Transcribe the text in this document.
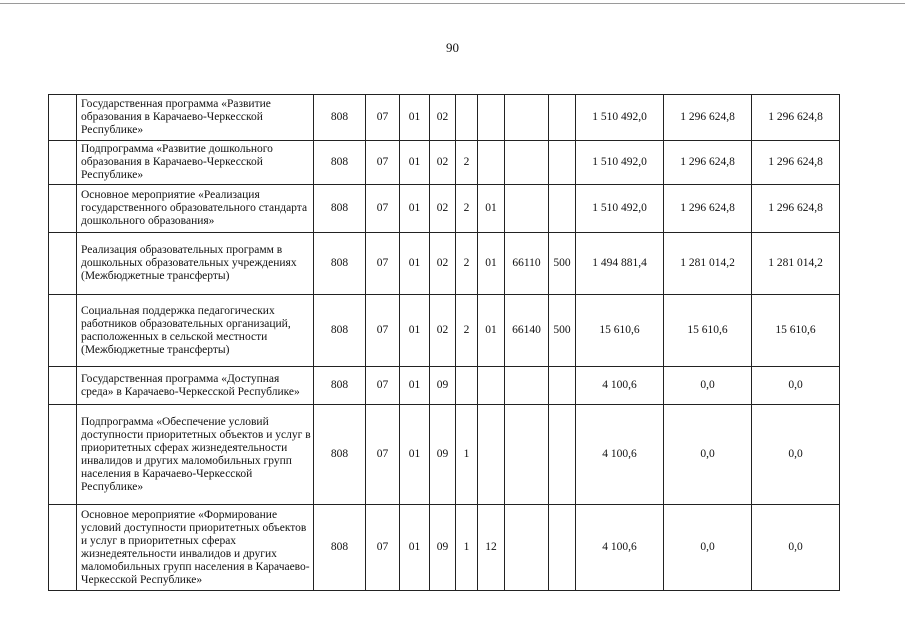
90
	Государственная программа «Развитие образования в Карачаево-Черкесской Республике»	808	07	01	02					1 510 492,0	1 296 624,8	1 296 624,8
	Подпрограмма «Развитие дошкольного образования в Карачаево-Черкесской Республике»	808	07	01	02	2				1 510 492,0	1 296 624,8	1 296 624,8
	Основное мероприятие «Реализация государственного образовательного стандарта дошкольного образования»	808	07	01	02	2	01			1 510 492,0	1 296 624,8	1 296 624,8
	Реализация образовательных программ в дошкольных образовательных учреждениях (Межбюджетные трансферты)	808	07	01	02	2	01	66110	500	1 494 881,4	1 281 014,2	1 281 014,2
	Социальная поддержка педагогических работников образовательных организаций, расположенных в сельской местности (Межбюджетные трансферты)	808	07	01	02	2	01	66140	500	15 610,6	15 610,6	15 610,6
	Государственная программа «Доступная среда» в Карачаево-Черкесской Республике»	808	07	01	09					4 100,6	0,0	0,0
	Подпрограмма «Обеспечение условий доступности приоритетных объектов и услуг в приоритетных сферах жизнедеятельности инвалидов и других маломобильных групп населения в Карачаево-Черкесской Республике»	808	07	01	09	1				4 100,6	0,0	0,0
	Основное мероприятие «Формирование условий доступности приоритетных объектов и услуг в приоритетных сферах жизнедеятельности инвалидов и других маломобильных групп населения в Карачаево-Черкесской Республике»	808	07	01	09	1	12			4 100,6	0,0	0,0
